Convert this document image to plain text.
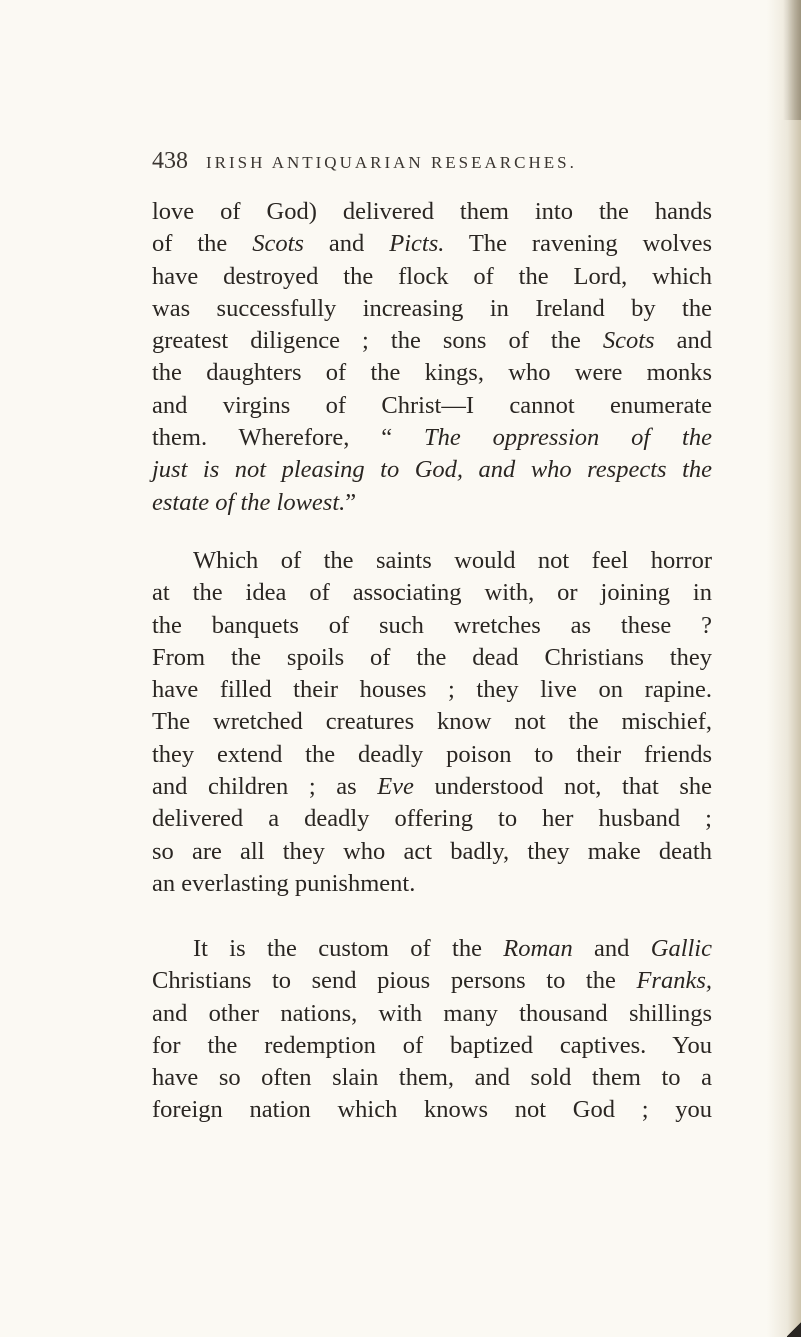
438 IRISH ANTIQUARIAN RESEARCHES.
love of God) delivered them into the hands
of the Scots and Picts. The ravening wolves
have destroyed the flock of the Lord, which
was successfully increasing in Ireland by the
greatest diligence ; the sons of the Scots and
the daughters of the kings, who were monks
and virgins of Christ—I cannot enumerate
them. Wherefore, “ The oppression of the
just is not pleasing to God, and who respects the
estate of the lowest.”
Which of the saints would not feel horror
at the idea of associating with, or joining in
the banquets of such wretches as these ?
From the spoils of the dead Christians they
have filled their houses ; they live on rapine.
The wretched creatures know not the mischief,
they extend the deadly poison to their friends
and children ; as Eve understood not, that she
delivered a deadly offering to her husband ;
so are all they who act badly, they make death
an everlasting punishment.
It is the custom of the Roman and Gallic
Christians to send pious persons to the Franks,
and other nations, with many thousand shillings
for the redemption of baptized captives. You
have so often slain them, and sold them to a
foreign nation which knows not God ; you
